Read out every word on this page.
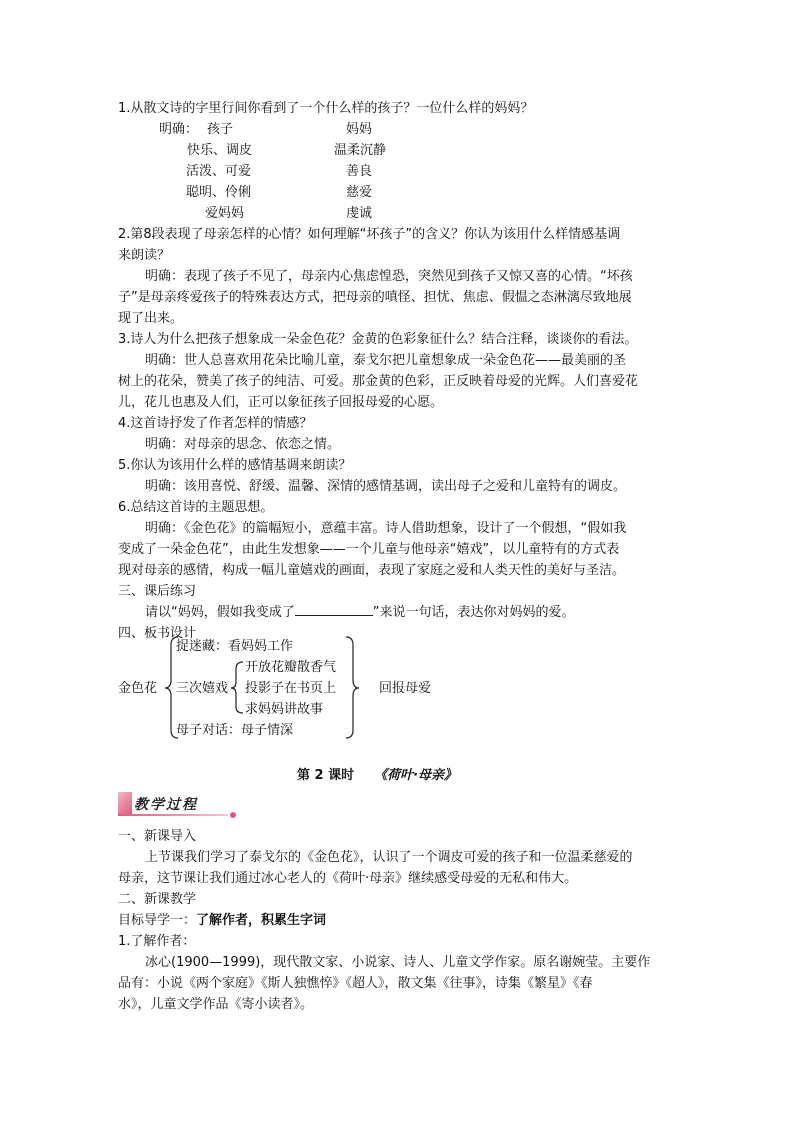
1.从散文诗的字里行间你看到了一个什么样的孩子？一位什么样的妈妈？
明确： 孩子	妈妈
快乐、调皮
活泼、可爱
聪明、伶俐
爱妈妈
温柔沉静
善良
慈爱
虔诚
2.第8段表现了母亲怎样的心情？如何理解“坏孩子”的含义？你认为该用什么样情感基调
来朗读？
明确：表现了孩子不见了，母亲内心焦虑惶恐，突然见到孩子又惊又喜的心情。“坏孩
子”是母亲疼爱孩子的特殊表达方式，把母亲的嗔怪、担忧、焦虑、假愠之态淋漓尽致地展
现了出来。
3.诗人为什么把孩子想象成一朵金色花？金黄的色彩象征什么？结合注释，谈谈你的看法。
明确：世人总喜欢用花朵比喻儿童，泰戈尔把儿童想象成一朵金色花——最美丽的圣
树上的花朵，赞美了孩子的纯洁、可爱。那金黄的色彩，正反映着母爱的光辉。人们喜爱花
儿，花儿也惠及人们，正可以象征孩子回报母爱的心愿。
4.这首诗抒发了作者怎样的情感？
明确：对母亲的思念、依恋之情。
5.你认为该用什么样的感情基调来朗读？
明确：该用喜悦、舒缓、温馨、深情的感情基调，读出母子之爱和儿童特有的调皮。
6.总结这首诗的主题思想。
明确：《金色花》的篇幅短小，意蕴丰富。诗人借助想象，设计了一个假想，“假如我
变成了一朵金色花”，由此生发想象——一个儿童与他母亲“嬉戏”，以儿童特有的方式表
现对母亲的感情，构成一幅儿童嬉戏的画面，表现了家庭之爱和人类天性的美好与圣洁。
三、课后练习
请以“妈妈，假如我变成了	”来说一句话，表达你对妈妈的爱。
四、板书设计
捉迷藏：看妈妈工作
金色花 三次嬉戏
开放花瓣散香气
投影子在书页上
求妈妈讲故事
母子对话：母子情深
回报母爱
第 2 课时 《荷叶·母亲》
教学过程
一、新课导入
上节课我们学习了泰戈尔的《金色花》，认识了一个调皮可爱的孩子和一位温柔慈爱的
母亲，这节课让我们通过冰心老人的《荷叶·母亲》继续感受母爱的无私和伟大。
二、新课教学
目标导学一：了解作者，积累生字词
1.了解作者：
冰心(1900—1999)，现代散文家、小说家、诗人、儿童文学作家。原名谢婉莹。主要作
品有：小说《两个家庭》《斯人独憔悴》《超人》，散文集《往事》，诗集《繁星》《春
水》，儿童文学作品《寄小读者》。
